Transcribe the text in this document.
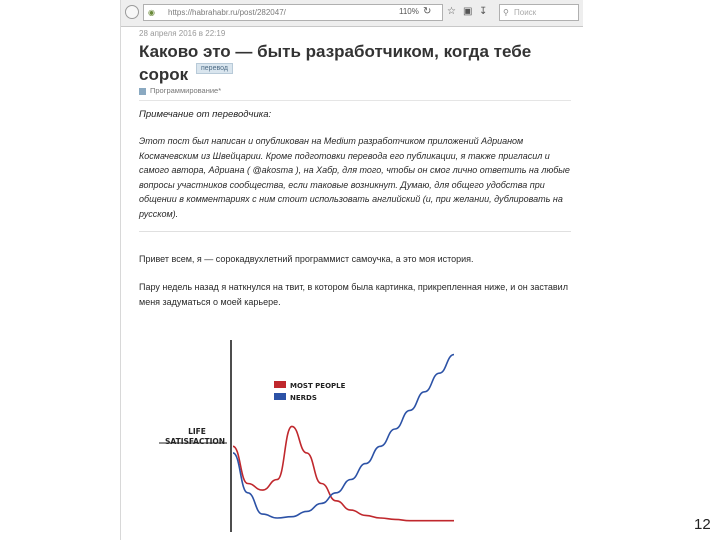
◉ https://habrahabr.ru/post/282047/	110% ↻ ☆ ▣ ↧ ⚲ Поиск
28 апреля 2016 в 22:19
Каково это — быть разработчиком, когда тебе сорок	перевод
Программирование*
Примечание от переводчика:

Этот пост был написан и опубликован на Medium разработчиком приложений Адрианом Космачевским из Швейцарии. Кроме подготовки перевода его публикации, я также пригласил и самого автора, Адриана ( @akosma ), на Хабр, для того, чтобы он смог лично ответить на любые вопросы участников сообщества, если таковые возникнут. Думаю, для общего удобства при общении в комментариях с ним стоит использовать английский (и, при желании, дублировать на русском).

Привет всем, я — сорокадвухлетний программист самоучка, а это моя история.

Пару недель назад я наткнулся на твит, в котором была картинка, прикрепленная ниже, и он заставил меня задуматься о моей карьере.

LIFE
SATISFACTION
MOST PEOPLE
NERDS
12
